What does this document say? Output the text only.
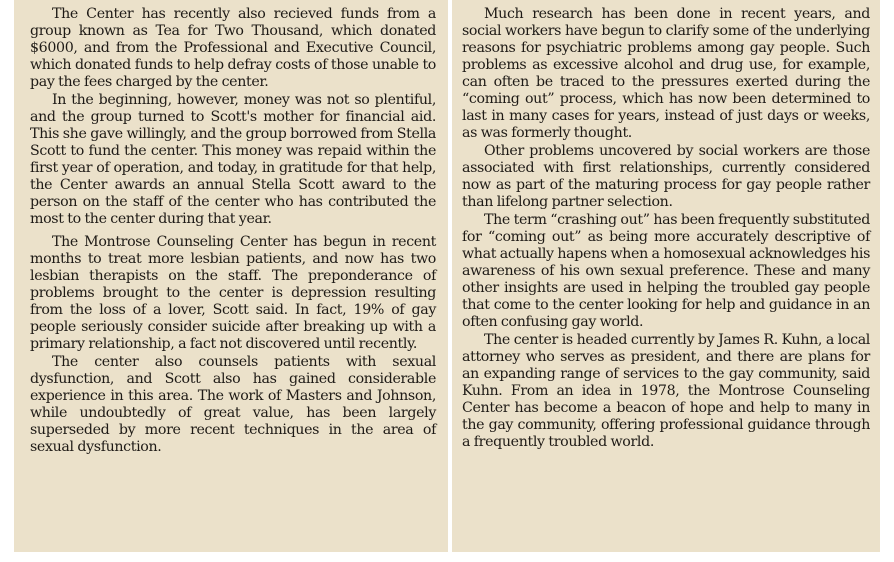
The Center has recently also recieved funds from a group known as Tea for Two Thousand, which donated $6000, and from the Professional and Executive Council, which donated funds to help defray costs of those unable to pay the fees charged by the center.

In the beginning, however, money was not so plentiful, and the group turned to Scott's mother for financial aid. This she gave willingly, and the group borrowed from Stella Scott to fund the center. This money was repaid within the first year of operation, and today, in gratitude for that help, the Center awards an annual Stella Scott award to the person on the staff of the center who has contributed the most to the center during that year.

The Montrose Counseling Center has begun in recent months to treat more lesbian patients, and now has two lesbian therapists on the staff. The preponderance of problems brought to the center is depression resulting from the loss of a lover, Scott said. In fact, 19% of gay people seriously consider suicide after breaking up with a primary relationship, a fact not discovered until recently.

The center also counsels patients with sexual dysfunction, and Scott also has gained considerable experience in this area. The work of Masters and Johnson, while undoubtedly of great value, has been largely superseded by more recent techniques in the area of sexual dysfunction.

Much research has been done in recent years, and social workers have begun to clarify some of the underlying reasons for psychiatric problems among gay people. Such problems as excessive alcohol and drug use, for example, can often be traced to the pressures exerted during the “coming out” process, which has now been determined to last in many cases for years, instead of just days or weeks, as was formerly thought.

Other problems uncovered by social workers are those associated with first relationships, currently considered now as part of the maturing process for gay people rather than lifelong partner selection.

The term “crashing out” has been frequently substituted for “coming out” as being more accurately descriptive of what actually hapens when a homosexual acknowledges his awareness of his own sexual preference. These and many other insights are used in helping the troubled gay people that come to the center looking for help and guidance in an often confusing gay world.

The center is headed currently by James R. Kuhn, a local attorney who serves as president, and there are plans for an expanding range of services to the gay community, said Kuhn. From an idea in 1978, the Montrose Counseling Center has become a beacon of hope and help to many in the gay community, offering professional guidance through a frequently troubled world.
